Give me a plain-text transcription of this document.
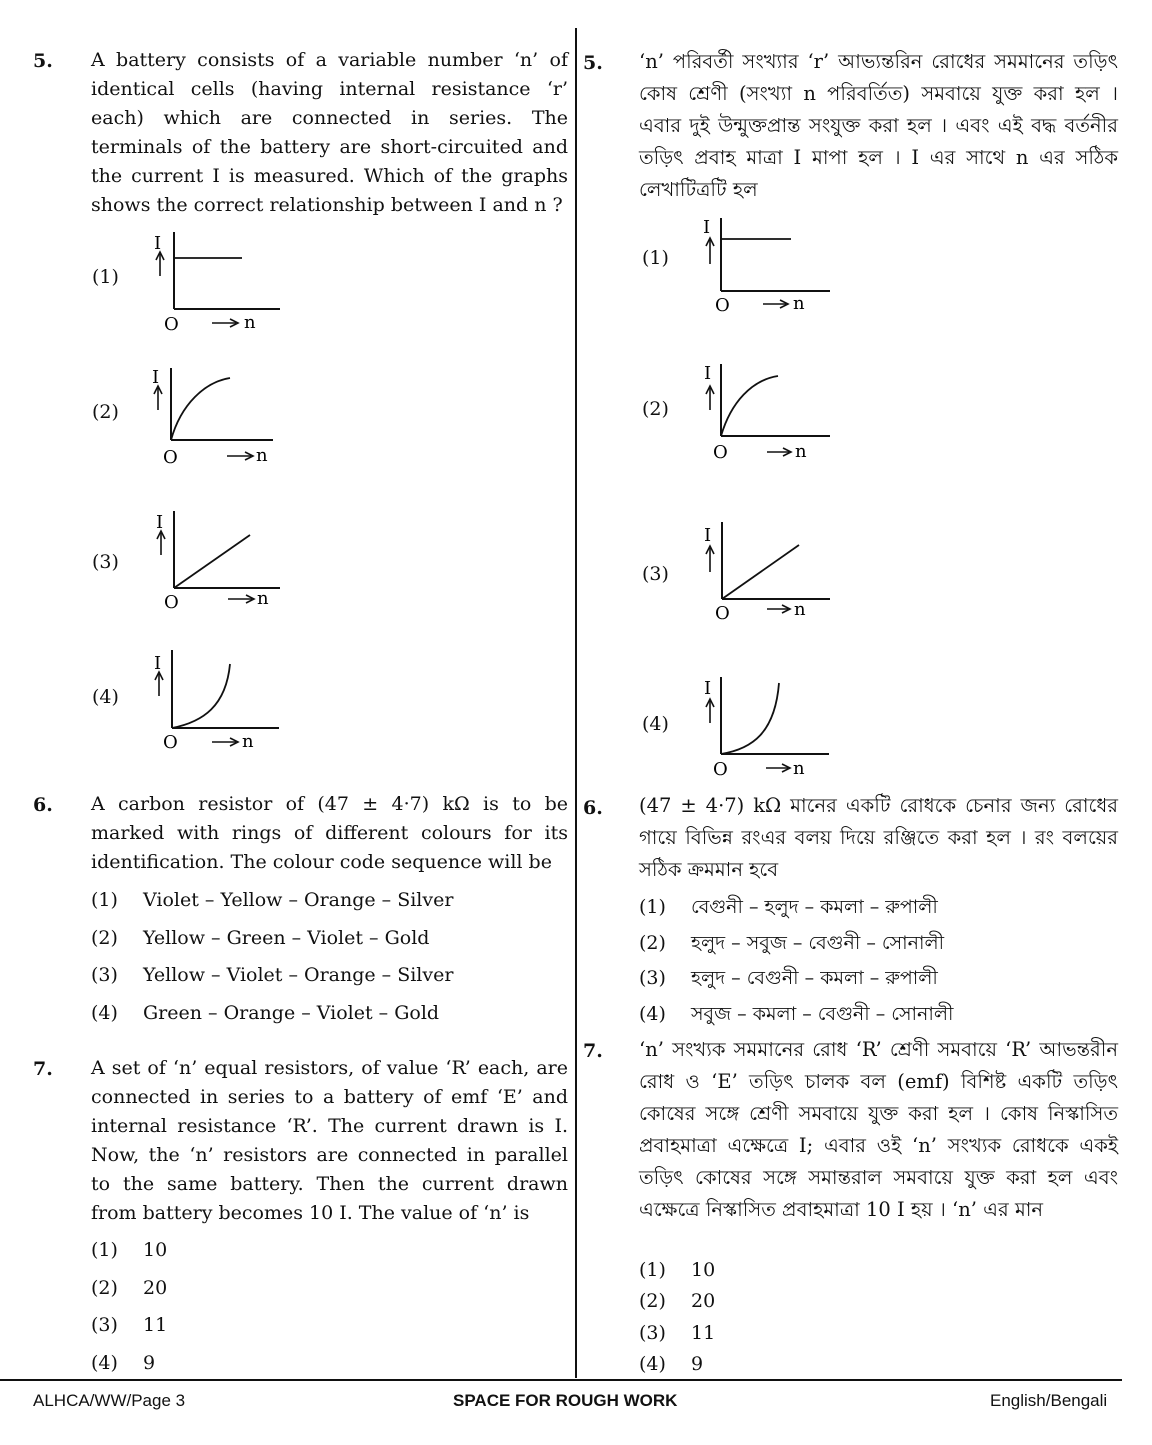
5. A battery consists of a variable number ‘n’ of identical cells (having internal resistance ‘r’ each) which are connected in series. The terminals of the battery are short-circuited and the current I is measured. Which of the graphs shows the correct relationship between I and n ?
(1)
I
O	n
(2)
I
O	n
(3)
I
O	n
(4)
I
O	n
6. A carbon resistor of (47 ± 4·7) kΩ is to be marked with rings of different colours for its identification. The colour code sequence will be
(1) Violet – Yellow – Orange – Silver
(2) Yellow – Green – Violet – Gold
(3) Yellow – Violet – Orange – Silver
(4) Green – Orange – Violet – Gold
7. A set of ‘n’ equal resistors, of value ‘R’ each, are connected in series to a battery of emf ‘E’ and internal resistance ‘R’. The current drawn is I. Now, the ‘n’ resistors are connected in parallel to the same battery. Then the current drawn from battery becomes 10 I. The value of ‘n’ is
(1) 10
(2) 20
(3) 11
(4) 9
5. ‘n’ পরিবর্তী সংখ্যার ‘r’ আভ্যন্তরিন রোধের সমমানের তড়িৎ কোষ শ্রেণী (সংখ্যা n পরিবর্তিত) সমবায়ে যুক্ত করা হল । এবার দুই উন্মুক্তপ্রান্ত সংযুক্ত করা হল । এবং এই বদ্ধ বর্তনীর তড়িৎ প্রবাহ মাত্রা I মাপা হল । I এর সাথে n এর সঠিক লেখাটিত্রটি হল
(1)
I
O	n
(2)
I
O	n
(3)
I
O	n
(4)
I
O	n
6. (47 ± 4·7) kΩ মানের একটি রোধকে চেনার জন্য রোধের গায়ে বিভিন্ন রংএর বলয় দিয়ে রঞ্জিতে করা হল । রং বলয়ের সঠিক ক্রমমান হবে
(1) বেগুনী – হলুদ – কমলা – রুপালী
(2) হলুদ – সবুজ – বেগুনী – সোনালী
(3) হলুদ – বেগুনী – কমলা – রুপালী
(4) সবুজ – কমলা – বেগুনী – সোনালী
7. ‘n’ সংখ্যক সমমানের রোধ ‘R’ শ্রেণী সমবায়ে ‘R’ আভন্তরীন রোধ ও ‘E’ তড়িৎ চালক বল (emf) বিশিষ্ট একটি তড়িৎ কোষের সঙ্গে শ্রেণী সমবায়ে যুক্ত করা হল । কোষ নিস্কাসিত প্রবাহমাত্রা এক্ষেত্রে I; এবার ওই ‘n’ সংখ্যক রোধকে একই তড়িৎ কোষের সঙ্গে সমান্তরাল সমবায়ে যুক্ত করা হল এবং এক্ষেত্রে নিস্কাসিত প্রবাহমাত্রা 10 I হয় । ‘n’ এর মান
(1) 10
(2) 20
(3) 11
(4) 9
ALHCA/WW/Page 3	SPACE FOR ROUGH WORK	English/Bengali
